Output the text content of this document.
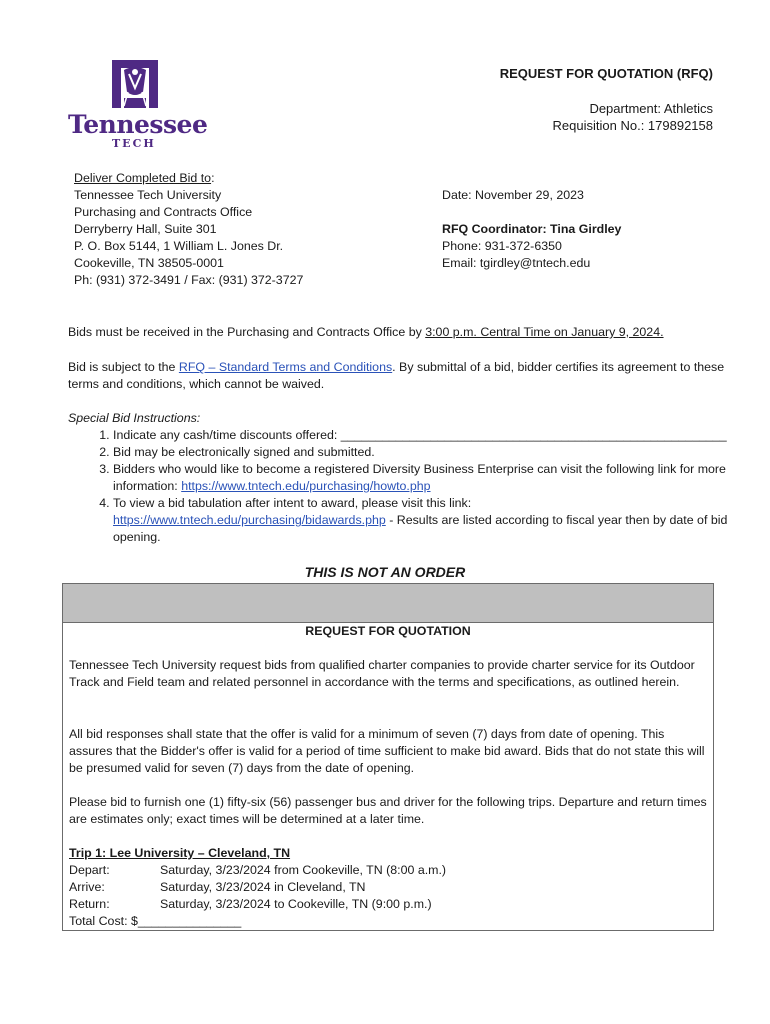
Tennessee
TECH
REQUEST FOR QUOTATION (RFQ)
Department: Athletics
Requisition No.: 179892158
Deliver Completed Bid to:
Tennessee Tech University
Purchasing and Contracts Office
Derryberry Hall, Suite 301
P. O. Box 5144, 1 William L. Jones Dr.
Cookeville, TN 38505-0001
Ph: (931) 372-3491 / Fax: (931) 372-3727
Date: November 29, 2023
RFQ Coordinator: Tina Girdley
Phone: 931-372-6350
Email: tgirdley@tntech.edu
Bids must be received in the Purchasing and Contracts Office by 3:00 p.m. Central Time on January 9, 2024.
Bid is subject to the RFQ – Standard Terms and Conditions. By submittal of a bid, bidder certifies its agreement to these terms and conditions, which cannot be waived.
Special Bid Instructions:
1. Indicate any cash/time discounts offered: ________________________________________________________
2. Bid may be electronically signed and submitted.
3. Bidders who would like to become a registered Diversity Business Enterprise can visit the following link for more information: https://www.tntech.edu/purchasing/howto.php
4. To view a bid tabulation after intent to award, please visit this link:
https://www.tntech.edu/purchasing/bidawards.php - Results are listed according to fiscal year then by date of bid opening.
THIS IS NOT AN ORDER
REQUEST FOR QUOTATION
Tennessee Tech University request bids from qualified charter companies to provide charter service for its Outdoor Track and Field team and related personnel in accordance with the terms and specifications, as outlined herein.
All bid responses shall state that the offer is valid for a minimum of seven (7) days from date of opening. This assures that the Bidder's offer is valid for a period of time sufficient to make bid award. Bids that do not state this will be presumed valid for seven (7) days from the date of opening.
Please bid to furnish one (1) fifty-six (56) passenger bus and driver for the following trips. Departure and return times are estimates only; exact times will be determined at a later time.
Trip 1: Lee University – Cleveland, TN
Depart:	Saturday, 3/23/2024 from Cookeville, TN (8:00 a.m.)
Arrive:	Saturday, 3/23/2024 in Cleveland, TN
Return:	Saturday, 3/23/2024 to Cookeville, TN (9:00 p.m.)
Total Cost: $_______________
